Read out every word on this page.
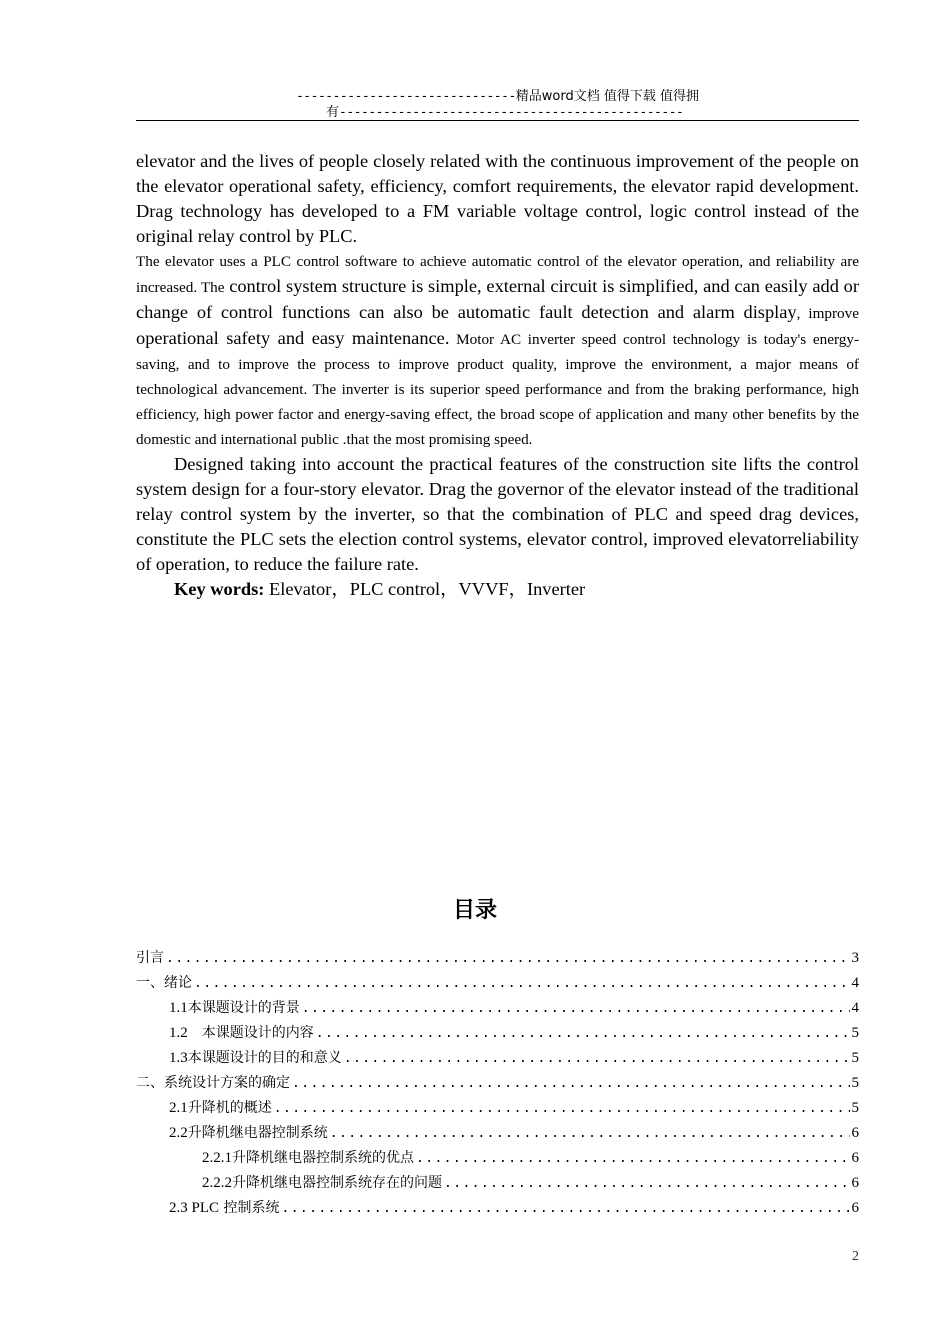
------------------------------精品word文档 值得下载 值得拥
有-----------------------------------------------

elevator and the lives of people closely related with the continuous improvement of the people on the elevator operational safety, efficiency, comfort requirements, the elevator rapid development. Drag technology has developed to a FM variable voltage control, logic control instead of the original relay control by PLC.

The elevator uses a PLC control software to achieve automatic control of the elevator operation, and reliability are increased. The control system structure is simple, external circuit is simplified, and can easily add or change of control functions can also be automatic fault detection and alarm display, improve operational safety and easy maintenance. Motor AC inverter speed control technology is today's energy-saving, and to improve the process to improve product quality, improve the environment, a major means of technological advancement. The inverter is its superior speed performance and from the braking performance, high efficiency, high power factor and energy-saving effect, the broad scope of application and many other benefits by the domestic and international public .that the most promising speed.

Designed taking into account the practical features of the construction site lifts the control system design for a four-story elevator. Drag the governor of the elevator instead of the traditional relay control system by the inverter, so that the combination of PLC and speed drag devices, constitute the PLC sets the election control systems, elevator control, improved elevatorreliability of operation, to reduce the failure rate.

Key words: Elevator，PLC control，VVVF，Inverter

目录
引言 .....	3
一、绪论 .....	4
1.1本课题设计的背景 .....	4
1.2　本课题设计的内容 .....	5
1.3本课题设计的目的和意义 .....	5
二、系统设计方案的确定 .....	5
2.1升降机的概述 .....	5
2.2升降机继电器控制系统 .....	6
2.2.1升降机继电器控制系统的优点 .....	6
2.2.2升降机继电器控制系统存在的问题 .....	6
2.3 PLC 控制系统 .....	6
2
